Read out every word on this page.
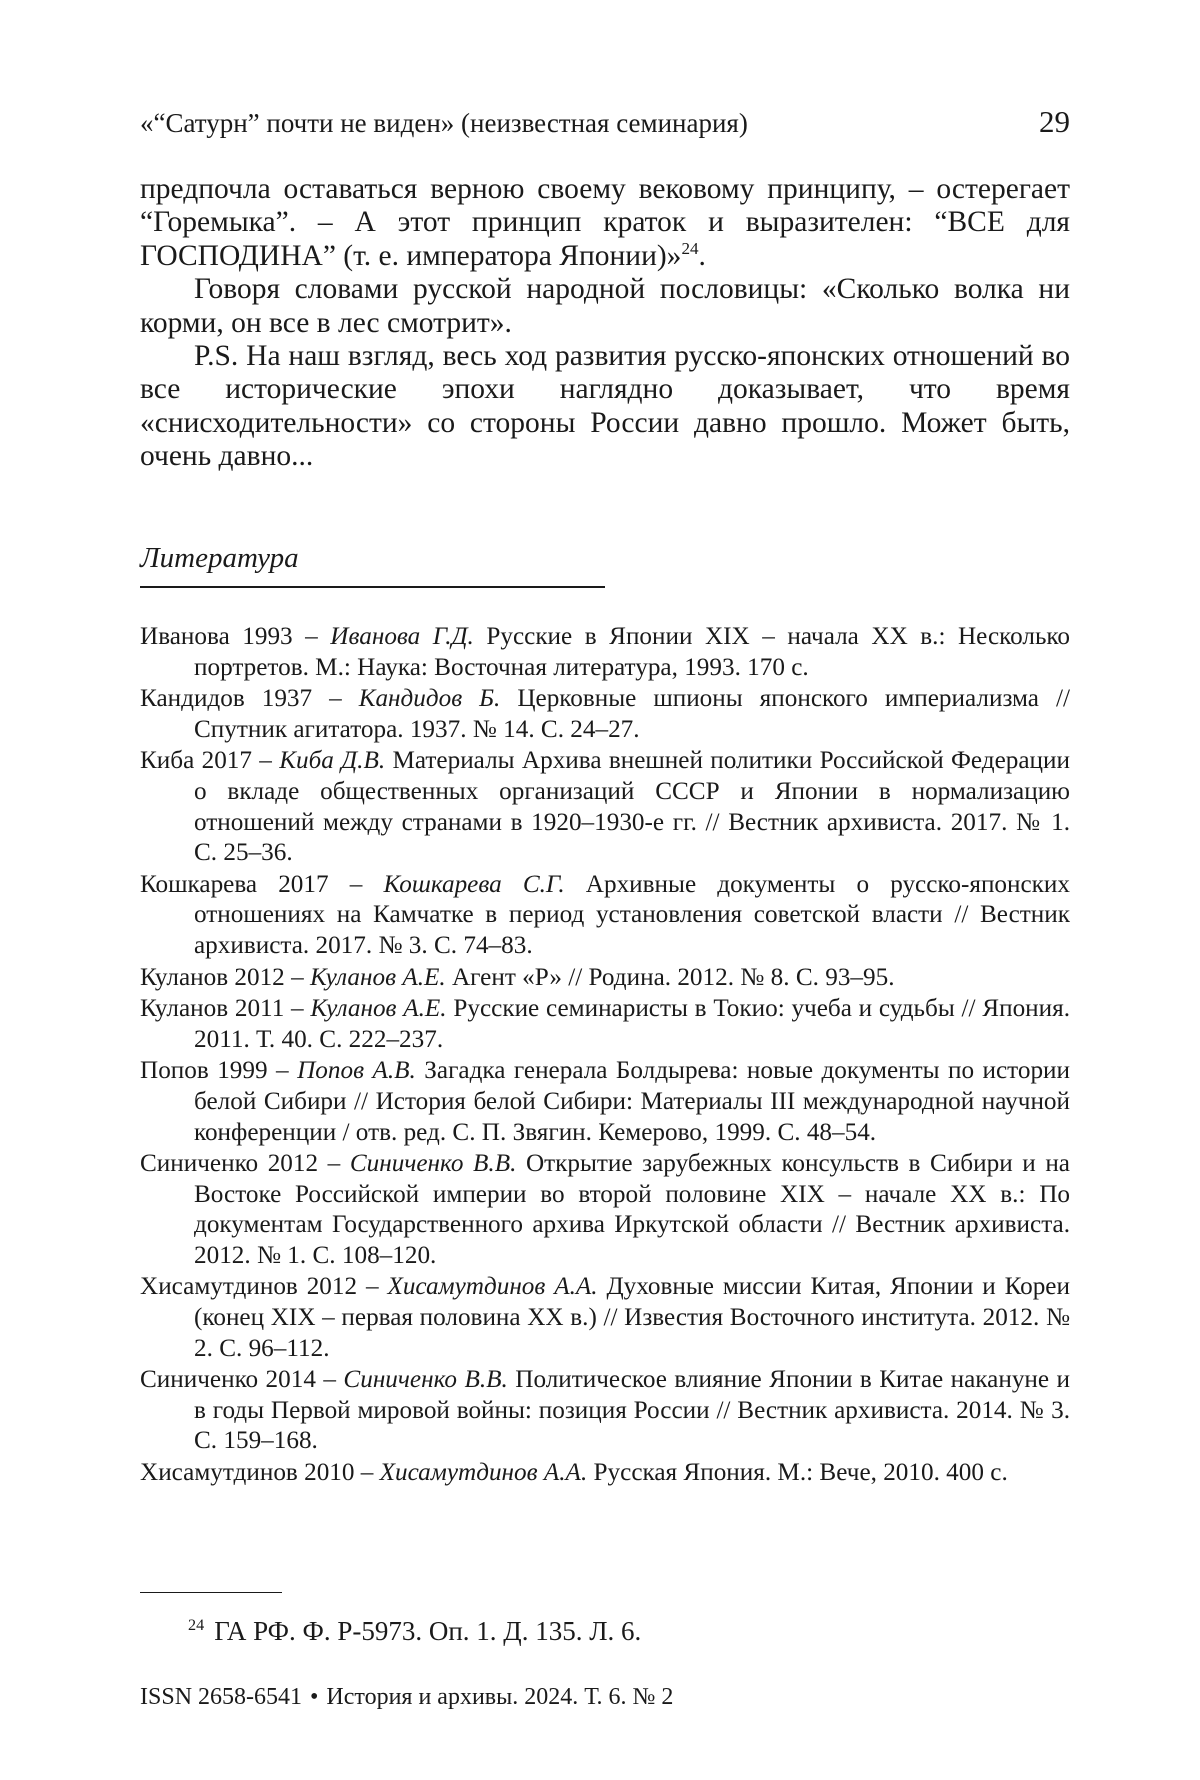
«“Сатурн” почти не виден» (неизвестная семинария)	29

предпочла оставаться верною своему вековому принципу, – остерегает “Горемыка”. – А этот принцип краток и выразителен: “ВСЕ для ГОСПОДИНА” (т. е. императора Японии)»$^{24}$.

Говоря словами русской народной пословицы: «Сколько волка ни корми, он все в лес смотрит».

P.S. На наш взгляд, весь ход развития русско-японских отношений во все исторические эпохи наглядно доказывает, что время «снисходительности» со стороны России давно прошло. Может быть, очень давно...

Литература

Иванова 1993 – Иванова Г.Д. Русские в Японии XIX – начала XX в.: Несколько портретов. М.: Наука: Восточная литература, 1993. 170 с.

Кандидов 1937 – Кандидов Б. Церковные шпионы японского империализма // Спутник агитатора. 1937. № 14. С. 24–27.

Киба 2017 – Киба Д.В. Материалы Архива внешней политики Российской Федерации о вкладе общественных организаций СССР и Японии в нормализацию отношений между странами в 1920–1930-е гг. // Вестник архивиста. 2017. № 1. С. 25–36.

Кошкарева 2017 – Кошкарева С.Г. Архивные документы о русско-японских отношениях на Камчатке в период установления советской власти // Вестник архивиста. 2017. № 3. С. 74–83.

Куланов 2012 – Куланов А.Е. Агент «Р» // Родина. 2012. № 8. С. 93–95.

Куланов 2011 – Куланов А.Е. Русские семинаристы в Токио: учеба и судьбы // Япония. 2011. Т. 40. С. 222–237.

Попов 1999 – Попов А.В. Загадка генерала Болдырева: новые документы по истории белой Сибири // История белой Сибири: Материалы III международной научной конференции / отв. ред. С. П. Звягин. Кемерово, 1999. С. 48–54.

Синиченко 2012 – Синиченко В.В. Открытие зарубежных консульств в Сибири и на Востоке Российской империи во второй половине XIX – начале XX в.: По документам Государственного архива Иркутской области // Вестник архивиста. 2012. № 1. С. 108–120.

Хисамутдинов 2012 – Хисамутдинов А.А. Духовные миссии Китая, Японии и Кореи (конец XIX – первая половина XX в.) // Известия Восточного института. 2012. № 2. С. 96–112.

Синиченко 2014 – Синиченко В.В. Политическое влияние Японии в Китае накануне и в годы Первой мировой войны: позиция России // Вестник архивиста. 2014. № 3. С. 159–168.

Хисамутдинов 2010 – Хисамутдинов А.А. Русская Япония. М.: Вече, 2010. 400 с.

$^{24}$ ГА РФ. Ф. Р-5973. Оп. 1. Д. 135. Л. 6.
ISSN 2658-6541 • История и архивы. 2024. Т. 6. № 2
